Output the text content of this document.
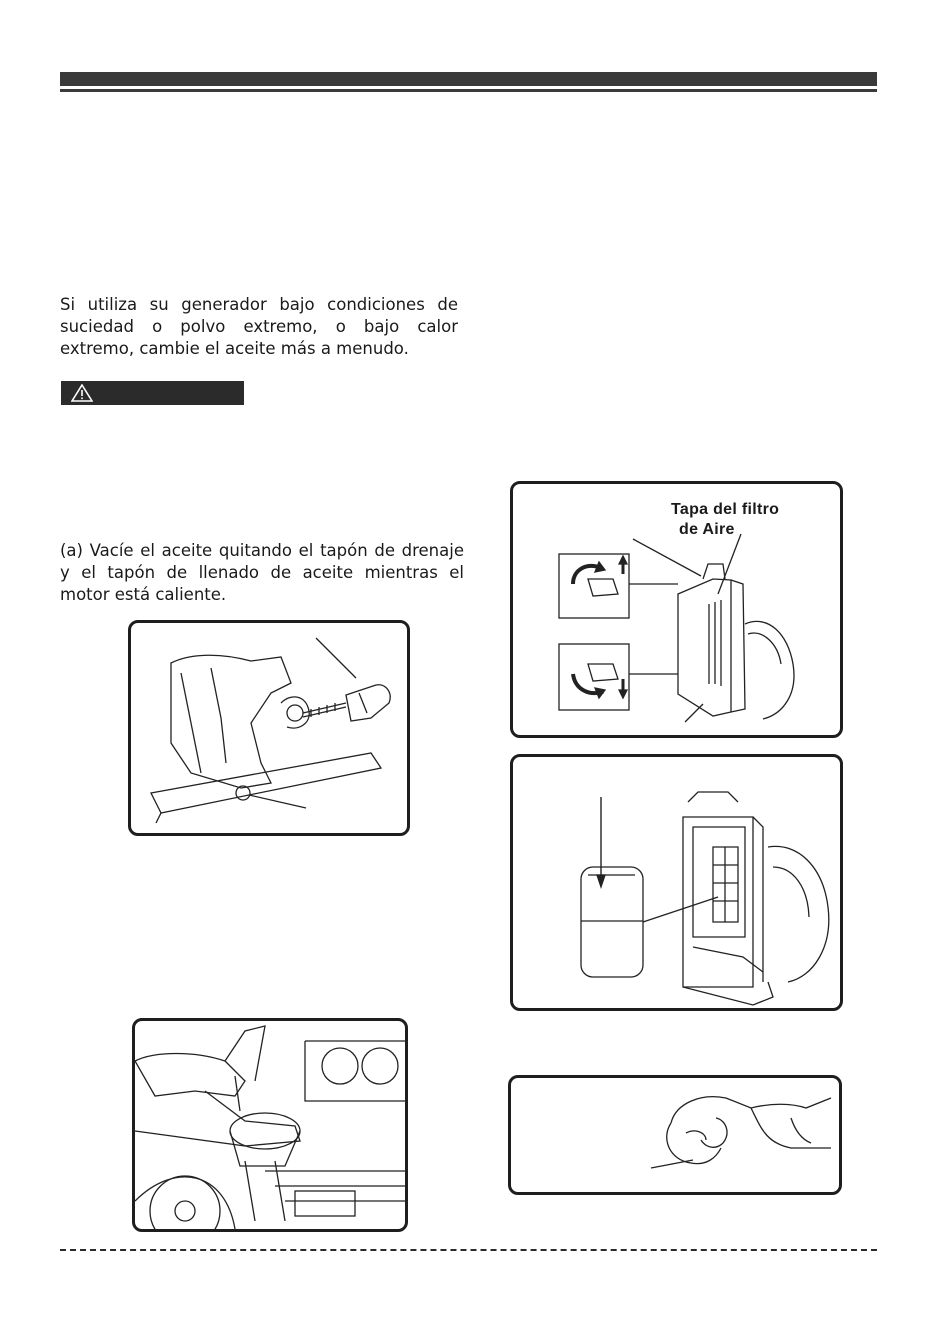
Si utiliza su generador bajo condiciones de suciedad o polvo extremo, o bajo calor extremo, cambie el aceite más a menudo.

(a) Vacíe el aceite quitando el tapón de drenaje y el tapón de llenado de aceite mientras el motor está caliente.

Tapa del filtro
de Aire
